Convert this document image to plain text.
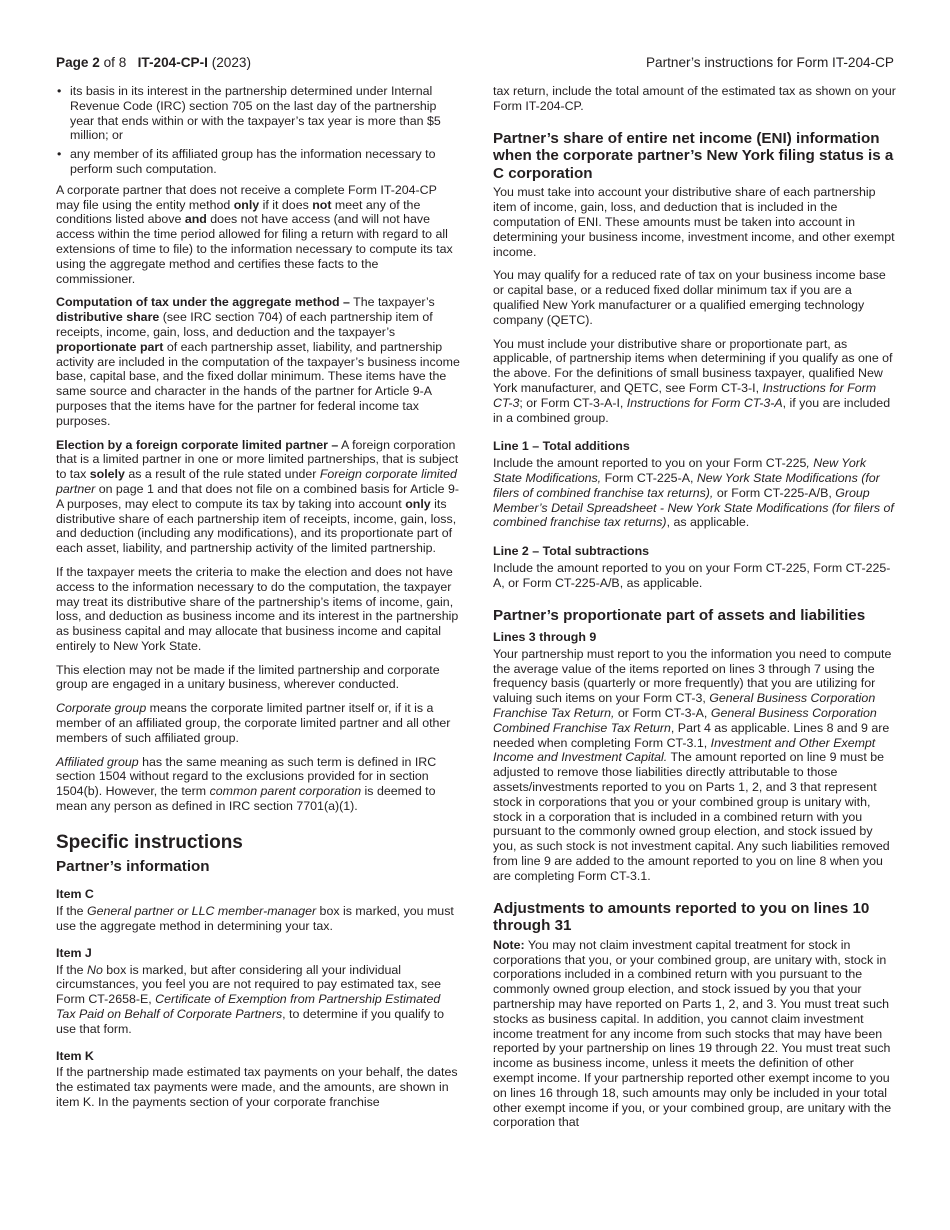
Page 2 of 8 IT-204-CP-I (2023)	Partner’s instructions for Form IT-204-CP
• its basis in its interest in the partnership determined under Internal Revenue Code (IRC) section 705 on the last day of the partnership year that ends within or with the taxpayer’s tax year is more than $5 million; or
• any member of its affiliated group has the information necessary to perform such computation.

A corporate partner that does not receive a complete Form IT-204-CP may file using the entity method only if it does not meet any of the conditions listed above and does not have access (and will not have access within the time period allowed for filing a return with regard to all extensions of time to file) to the information necessary to compute its tax using the aggregate method and certifies these facts to the commissioner.

Computation of tax under the aggregate method – The taxpayer’s distributive share (see IRC section 704) of each partnership item of receipts, income, gain, loss, and deduction and the taxpayer’s proportionate part of each partnership asset, liability, and partnership activity are included in the computation of the taxpayer’s business income base, capital base, and the fixed dollar minimum. These items have the same source and character in the hands of the partner for Article 9-A purposes that the items have for the partner for federal income tax purposes.

Election by a foreign corporate limited partner – A foreign corporation that is a limited partner in one or more limited partnerships, that is subject to tax solely as a result of the rule stated under Foreign corporate limited partner on page 1 and that does not file on a combined basis for Article 9-A purposes, may elect to compute its tax by taking into account only its distributive share of each partnership item of receipts, income, gain, loss, and deduction (including any modifications), and its proportionate part of each asset, liability, and partnership activity of the limited partnership.

If the taxpayer meets the criteria to make the election and does not have access to the information necessary to do the computation, the taxpayer may treat its distributive share of the partnership’s items of income, gain, loss, and deduction as business income and its interest in the partnership as business capital and may allocate that business income and capital entirely to New York State.

This election may not be made if the limited partnership and corporate group are engaged in a unitary business, wherever conducted.

Corporate group means the corporate limited partner itself or, if it is a member of an affiliated group, the corporate limited partner and all other members of such affiliated group.

Affiliated group has the same meaning as such term is defined in IRC section 1504 without regard to the exclusions provided for in section 1504(b). However, the term common parent corporation is deemed to mean any person as defined in IRC section 7701(a)(1).

Specific instructions
Partner’s information
Item C

If the General partner or LLC member-manager box is marked, you must use the aggregate method in determining your tax.

Item J

If the No box is marked, but after considering all your individual circumstances, you feel you are not required to pay estimated tax, see Form CT-2658-E, Certificate of Exemption from Partnership Estimated Tax Paid on Behalf of Corporate Partners, to determine if you qualify to use that form.

Item K

If the partnership made estimated tax payments on your behalf, the dates the estimated tax payments were made, and the amounts, are shown in item K. In the payments section of your corporate franchise

tax return, include the total amount of the estimated tax as shown on your Form IT-204-CP.

Partner’s share of entire net income (ENI) information when the corporate partner’s New York filing status is a C corporation

You must take into account your distributive share of each partnership item of income, gain, loss, and deduction that is included in the computation of ENI. These amounts must be taken into account in determining your business income, investment income, and other exempt income.

You may qualify for a reduced rate of tax on your business income base or capital base, or a reduced fixed dollar minimum tax if you are a qualified New York manufacturer or a qualified emerging technology company (QETC).

You must include your distributive share or proportionate part, as applicable, of partnership items when determining if you qualify as one of the above. For the definitions of small business taxpayer, qualified New York manufacturer, and QETC, see Form CT-3-I, Instructions for Form CT-3; or Form CT-3-A-I, Instructions for Form CT-3-A, if you are included in a combined group.

Line 1 – Total additions

Include the amount reported to you on your Form CT-225, New York State Modifications, Form CT-225-A, New York State Modifications (for filers of combined franchise tax returns), or Form CT-225-A/B, Group Member’s Detail Spreadsheet - New York State Modifications (for filers of combined franchise tax returns), as applicable.

Line 2 – Total subtractions

Include the amount reported to you on your Form CT-225, Form CT-225-A, or Form CT-225-A/B, as applicable.

Partner’s proportionate part of assets and liabilities
Lines 3 through 9

Your partnership must report to you the information you need to compute the average value of the items reported on lines 3 through 7 using the frequency basis (quarterly or more frequently) that you are utilizing for valuing such items on your Form CT-3, General Business Corporation Franchise Tax Return, or Form CT-3-A, General Business Corporation Combined Franchise Tax Return, Part 4 as applicable. Lines 8 and 9 are needed when completing Form CT-3.1, Investment and Other Exempt Income and Investment Capital. The amount reported on line 9 must be adjusted to remove those liabilities directly attributable to those assets/investments reported to you on Parts 1, 2, and 3 that represent stock in corporations that you or your combined group is unitary with, stock in a corporation that is included in a combined return with you pursuant to the commonly owned group election, and stock issued by you, as such stock is not investment capital. Any such liabilities removed from line 9 are added to the amount reported to you on line 8 when you are completing Form CT-3.1.

Adjustments to amounts reported to you on lines 10 through 31

Note: You may not claim investment capital treatment for stock in corporations that you, or your combined group, are unitary with, stock in corporations included in a combined return with you pursuant to the commonly owned group election, and stock issued by you that your partnership may have reported on Parts 1, 2, and 3. You must treat such stocks as business capital. In addition, you cannot claim investment income treatment for any income from such stocks that may have been reported by your partnership on lines 19 through 22. You must treat such income as business income, unless it meets the definition of other exempt income. If your partnership reported other exempt income to you on lines 16 through 18, such amounts may only be included in your total other exempt income if you, or your combined group, are unitary with the corporation that
